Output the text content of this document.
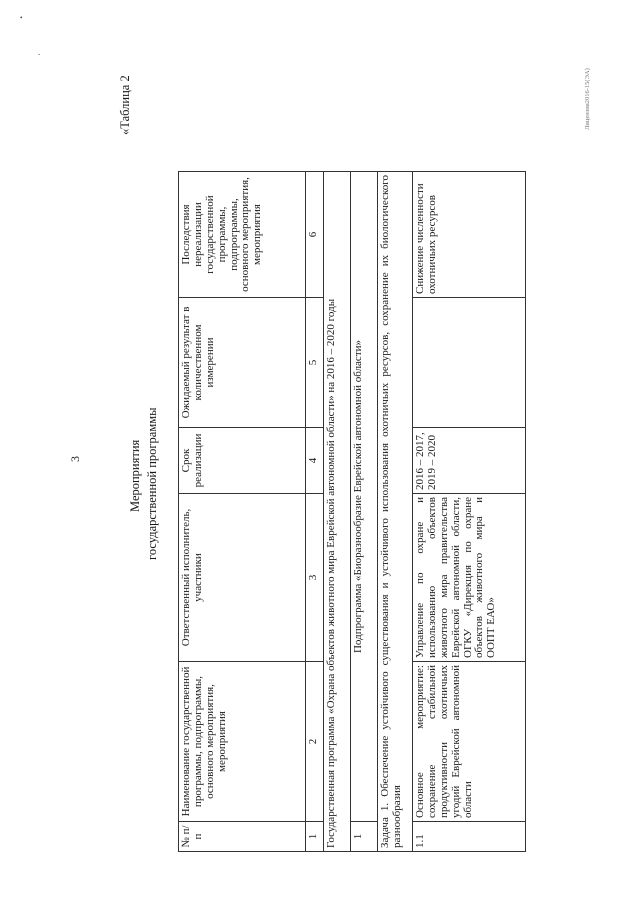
•
-
3
«Таблица 2
Мероприятия государственной программы
Лицензия2016-15(ЭА)
№ п/п	Наименование государственной программы, подпрограммы, основного мероприятия, мероприятия	Ответственный исполнитель, участники	Срок реализации	Ожидаемый результат в количественном измерении	Последствия нереализации государственной программы, подпрограммы, основного мероприятия, мероприятия
1	2	3	4	5	6
Государственная программа «Охрана объектов животного мира Еврейской автономной области» на 2016 – 2020 годы					
1	Подпрограмма «Биоразнообразие Еврейской автономной области»				
Задача 1. Обеспечение устойчивого существования и устойчивого использования охотничьих ресурсов, сохранение их биологического разнообразия					
1.1	Основное мероприятие: сохранение стабильной продуктивности охотничьих угодий Еврейской автономной области	Управление по охране и использованию объектов животного мира правительства Еврейской автономной области, ОГКУ «Дирекция по охране объектов животного мира и ООПТ ЕАО»	2016 – 2017, 2019 – 2020		Снижение численности охотничьих ресурсов
